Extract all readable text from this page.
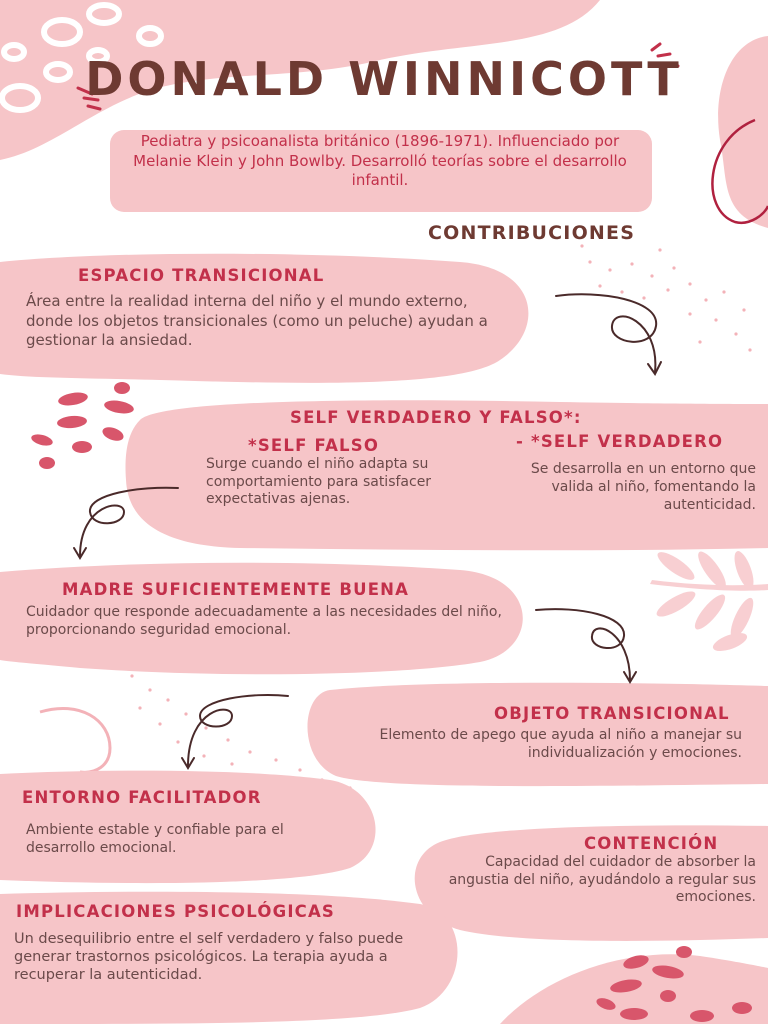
DONALD WINNICOTT
Pediatra y psicoanalista británico (1896-1971). Influenciado por Melanie Klein y John Bowlby. Desarrolló teorías sobre el desarrollo infantil.
CONTRIBUCIONES
ESPACIO TRANSICIONAL
Área entre la realidad interna del niño y el mundo externo, donde los objetos transicionales (como un peluche) ayudan a gestionar la ansiedad.
SELF VERDADERO Y FALSO*:
*SELF FALSO
Surge cuando el niño adapta su comportamiento para satisfacer expectativas ajenas.
- *SELF VERDADERO
Se desarrolla en un entorno que valida al niño, fomentando la autenticidad.
MADRE SUFICIENTEMENTE BUENA
Cuidador que responde adecuadamente a las necesidades del niño, proporcionando seguridad emocional.
OBJETO TRANSICIONAL
Elemento de apego que ayuda al niño a manejar su individualización y emociones.
ENTORNO FACILITADOR
Ambiente estable y confiable para el desarrollo emocional.	CONTENCIÓN
Capacidad del cuidador de absorber la angustia del niño, ayudándolo a regular sus emociones.
IMPLICACIONES PSICOLÓGICAS
Un desequilibrio entre el self verdadero y falso puede generar trastornos psicológicos. La terapia ayuda a recuperar la autenticidad.
